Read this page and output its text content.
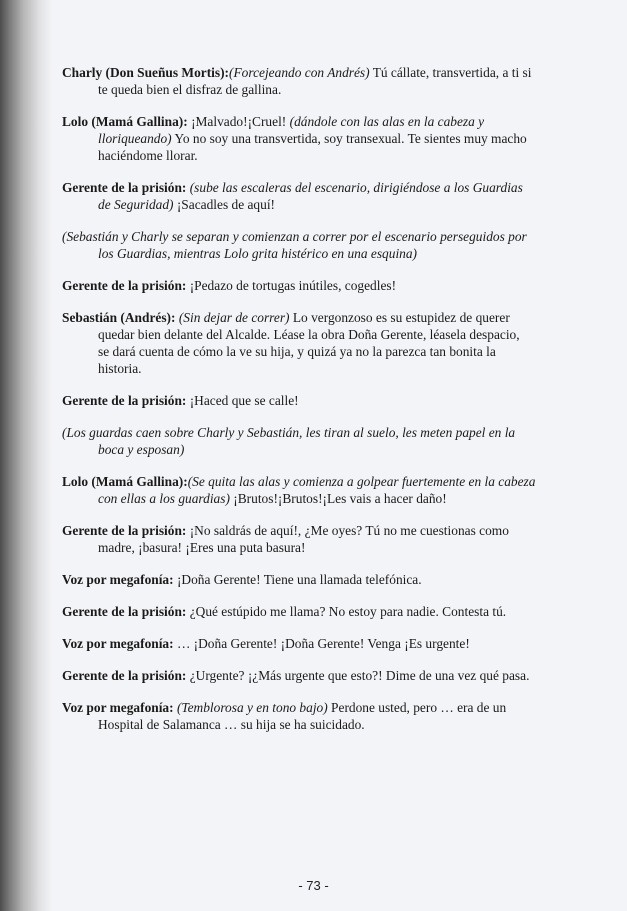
Charly (Don Sueñus Mortis):(Forcejeando con Andrés) Tú cállate, transvertida, a ti si
te queda bien el disfraz de gallina.
Lolo (Mamá Gallina): ¡Malvado!¡Cruel! (dándole con las alas en la cabeza y
lloriqueando) Yo no soy una transvertida, soy transexual. Te sientes muy macho
haciéndome llorar.
Gerente de la prisión: (sube las escaleras del escenario, dirigiéndose a los Guardias
de Seguridad) ¡Sacadles de aquí!
(Sebastián y Charly se separan y comienzan a correr por el escenario perseguidos por
los Guardias, mientras Lolo grita histérico en una esquina)
Gerente de la prisión: ¡Pedazo de tortugas inútiles, cogedles!
Sebastián (Andrés): (Sin dejar de correr) Lo vergonzoso es su estupidez de querer
quedar bien delante del Alcalde. Léase la obra Doña Gerente, léasela despacio,
se dará cuenta de cómo la ve su hija, y quizá ya no la parezca tan bonita la
historia.
Gerente de la prisión: ¡Haced que se calle!
(Los guardas caen sobre Charly y Sebastián, les tiran al suelo, les meten papel en la
boca y esposan)
Lolo (Mamá Gallina):(Se quita las alas y comienza a golpear fuertemente en la cabeza
con ellas a los guardias) ¡Brutos!¡Brutos!¡Les vais a hacer daño!
Gerente de la prisión: ¡No saldrás de aquí!, ¿Me oyes? Tú no me cuestionas como
madre, ¡basura! ¡Eres una puta basura!
Voz por megafonía: ¡Doña Gerente! Tiene una llamada telefónica.
Gerente de la prisión: ¿Qué estúpido me llama? No estoy para nadie. Contesta tú.
Voz por megafonía: … ¡Doña Gerente! ¡Doña Gerente! Venga ¡Es urgente!
Gerente de la prisión: ¿Urgente? ¡¿Más urgente que esto?! Dime de una vez qué pasa.
Voz por megafonía: (Temblorosa y en tono bajo) Perdone usted, pero … era de un
Hospital de Salamanca … su hija se ha suicidado.
- 73 -
